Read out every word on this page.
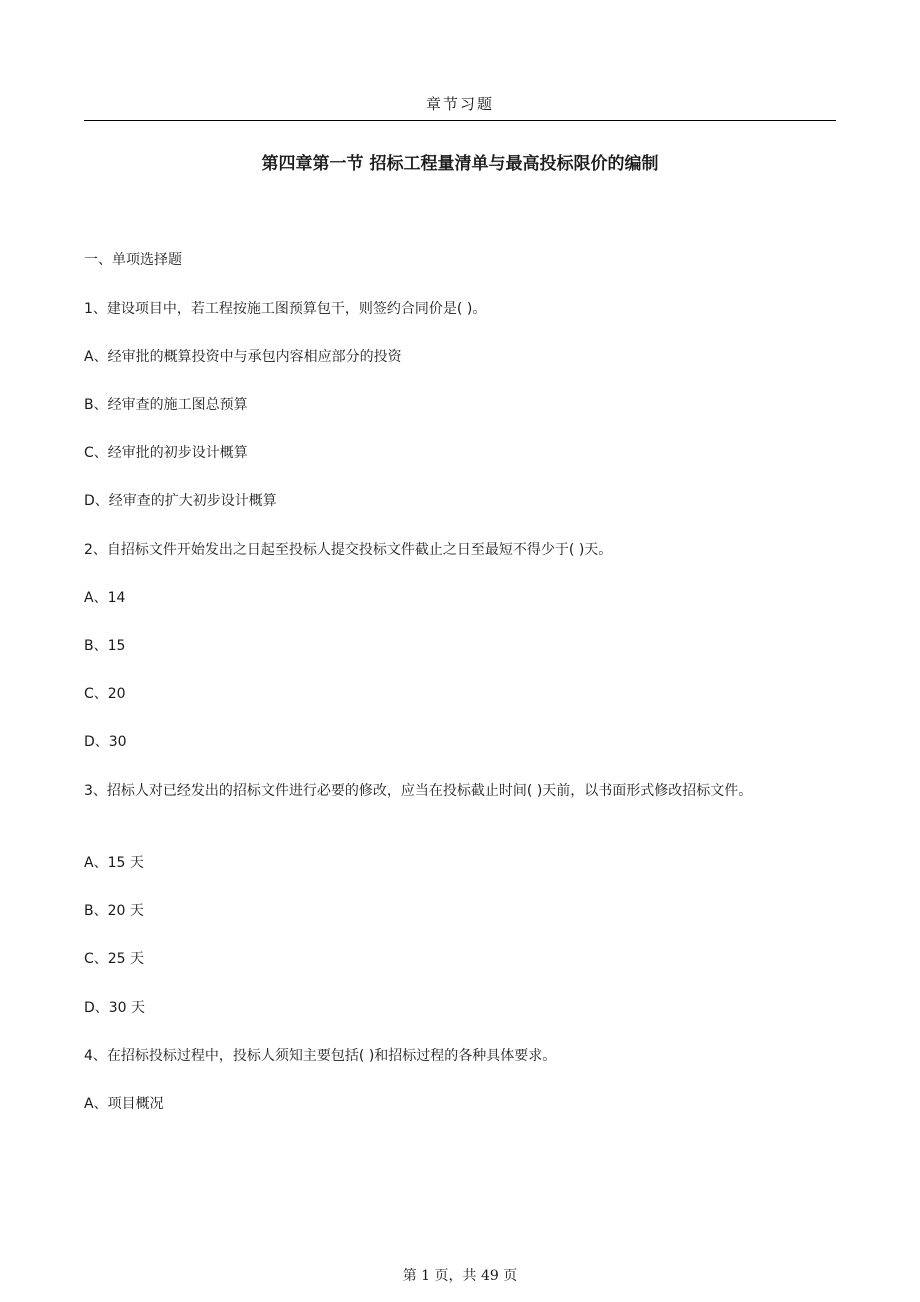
章节习题
第四章第一节 招标工程量清单与最高投标限价的编制
一、单项选择题
1、建设项目中，若工程按施工图预算包干，则签约合同价是( )。
A、经审批的概算投资中与承包内容相应部分的投资
B、经审查的施工图总预算
C、经审批的初步设计概算
D、经审查的扩大初步设计概算
2、自招标文件开始发出之日起至投标人提交投标文件截止之日至最短不得少于( )天。
A、14
B、15
C、20
D、30
3、招标人对已经发出的招标文件进行必要的修改，应当在投标截止时间( )天前，以书面形式修改招标文件。
A、15 天
B、20 天
C、25 天
D、30 天
4、在招标投标过程中，投标人须知主要包括( )和招标过程的各种具体要求。
A、项目概况
第 1 页，共 49 页
